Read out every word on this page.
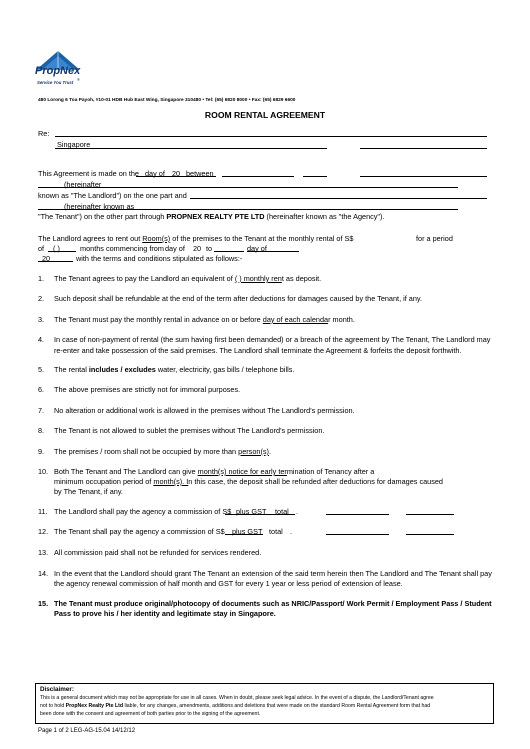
PropNex
®
Service You Trust
480 Lorong 6 Toa Payoh, #10-01 HDB Hub East Wing, Singapore 310480 • Tel: (65) 6820 8000 • Fax: (65) 6829 6600
ROOM RENTAL AGREEMENT
Re:
Singapore
This Agreement is made on the day of 20 between
(hereinafter
known as "The Landlord") on the one part and
(hereinafter known as
"The Tenant") on the other part through PROPNEX REALTY PTE LTD (hereinafter known as "the Agency").
The Landlord agrees to rent out Room(s) of the premises to the Tenant at the monthly rental of S$	for a period
of ( )	months commencing from day of 20 to	day of
20	with the terms and conditions stipulated as follows:-
1. The Tenant agrees to pay the Landlord an equivalent of ( ) monthly rent as deposit.
2. Such deposit shall be refundable at the end of the term after deductions for damages caused by the Tenant, if any.
3. The Tenant must pay the monthly rental in advance on or before day of each calendar month.
4. In case of non-payment of rental (the sum having first been demanded) or a breach of the agreement by The Tenant, The Landlord may
re-enter and take possession of the said premises. The Landlord shall terminate the Agreement & forfeits the deposit forthwith.
5. The rental includes / excludes water, electricity, gas bills / telephone bills.
6. The above premises are strictly not for immoral purposes.
7. No alteration or additional work is allowed in the premises without The Landlord's permission.
8. The Tenant is not allowed to sublet the premises without The Landlord's permission.
9. The premises / room shall not be occupied by more than person(s).
10. Both The Tenant and The Landlord can give month(s) notice for early termination of Tenancy after a
minimum occupation period of month(s). In this case, the deposit shall be refunded after deductions for damages caused
by The Tenant, if any.
11. The Landlord shall pay the agency a commission of S$ plus GST total .
12. The Tenant shall pay the agency a commission of S$ plus GST total .
13. All commission paid shall not be refunded for services rendered.
14. In the event that the Landlord should grant The Tenant an extension of the said term herein then The Landlord and The Tenant shall pay
the agency renewal commission of half month and GST for every 1 year or less period of extension of lease.
15. The Tenant must produce original/photocopy of documents such as NRIC/Passport/ Work Permit / Employment Pass / Student
Pass to prove his / her identity and legitimate stay in Singapore.
Disclaimer:
This is a general document which may not be appropriate for use in all cases. When in doubt, please seek legal advice. In the event of a dispute, the Landlord/Tenant agree
not to hold PropNex Realty Pte Ltd liable, for any changes, amendments, additions and deletions that were made on the standard Room Rental Agreement form that had
been done with the consent and agreement of both parties prior to the signing of the agreement.
Page 1 of 2 LEG-AG-15.04 14/12/12
